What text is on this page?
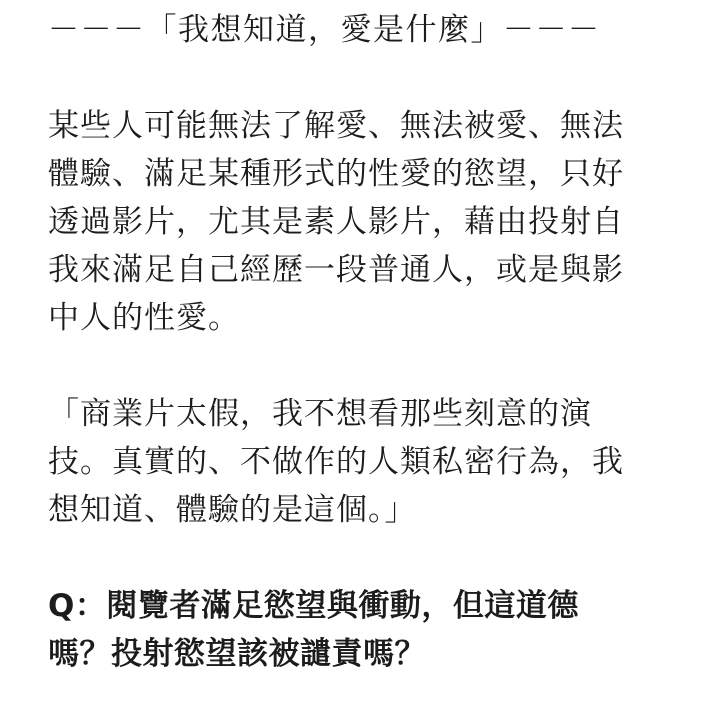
－－－「我想知道，愛是什麼」－－－
某些人可能無法了解愛、無法被愛、無法
體驗、滿足某種形式的性愛的慾望，只好
透過影片，尤其是素人影片，藉由投射自
我來滿足自己經歷一段普通人，或是與影
中人的性愛。
「商業片太假，我不想看那些刻意的演
技。真實的、不做作的人類私密行為，我
想知道、體驗的是這個。」
Q：閱覽者滿足慾望與衝動，但這道德
嗎？投射慾望該被譴責嗎？
